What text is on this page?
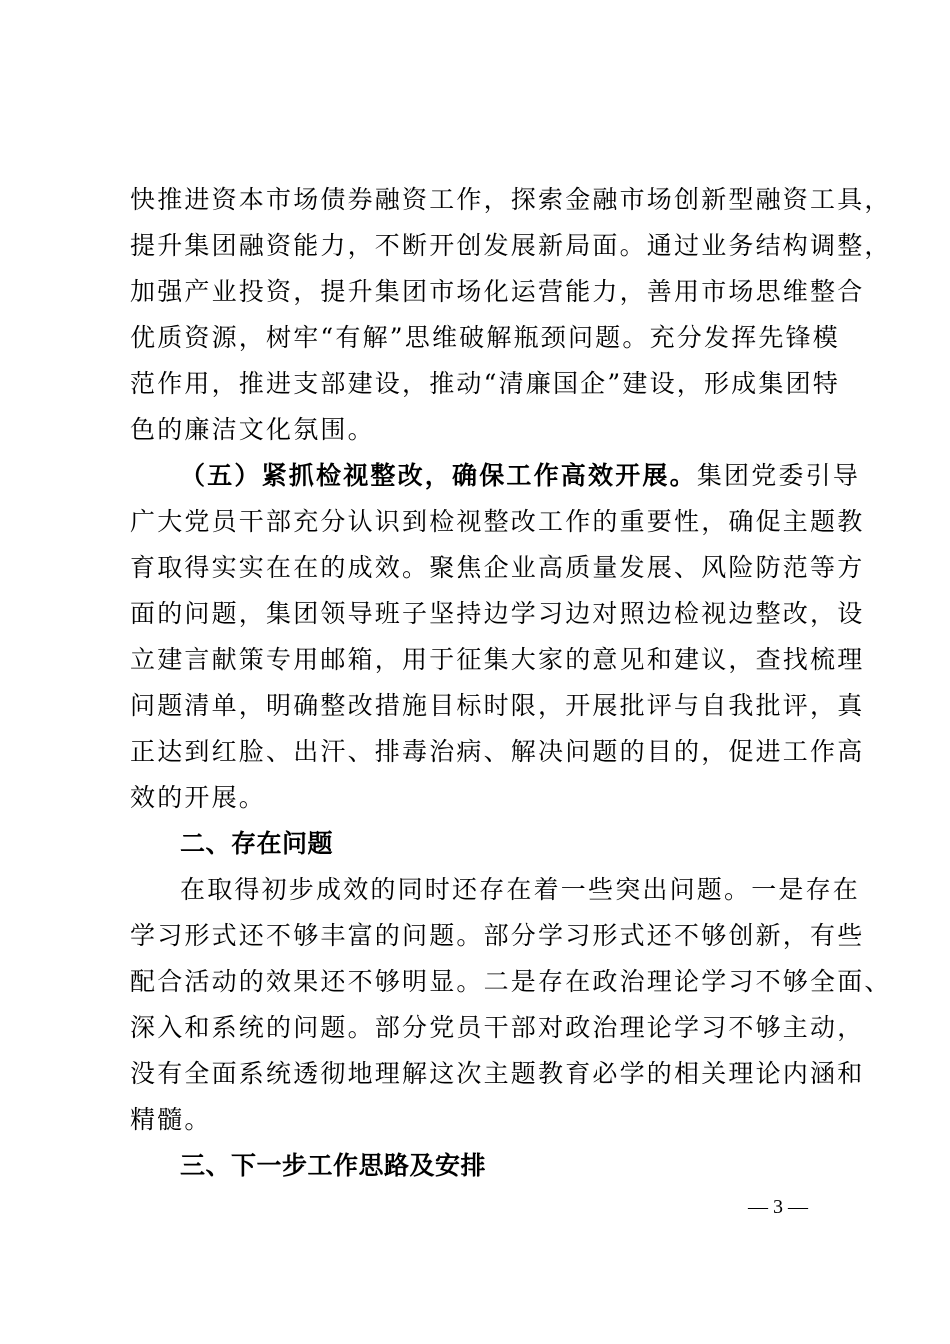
快推进资本市场债券融资工作，探索金融市场创新型融资工具，
提升集团融资能力，不断开创发展新局面。通过业务结构调整，
加强产业投资，提升集团市场化运营能力，善用市场思维整合
优质资源，树牢“有解”思维破解瓶颈问题。充分发挥先锋模
范作用，推进支部建设，推动“清廉国企”建设，形成集团特
色的廉洁文化氛围。
（五）紧抓检视整改，确保工作高效开展。集团党委引导
广大党员干部充分认识到检视整改工作的重要性，确促主题教
育取得实实在在的成效。聚焦企业高质量发展、风险防范等方
面的问题，集团领导班子坚持边学习边对照边检视边整改，设
立建言献策专用邮箱，用于征集大家的意见和建议，查找梳理
问题清单，明确整改措施目标时限，开展批评与自我批评，真
正达到红脸、出汗、排毒治病、解决问题的目的，促进工作高
效的开展。
二、存在问题
在取得初步成效的同时还存在着一些突出问题。一是存在
学习形式还不够丰富的问题。部分学习形式还不够创新，有些
配合活动的效果还不够明显。二是存在政治理论学习不够全面、
深入和系统的问题。部分党员干部对政治理论学习不够主动，
没有全面系统透彻地理解这次主题教育必学的相关理论内涵和
精髓。
三、下一步工作思路及安排
— 3 —
